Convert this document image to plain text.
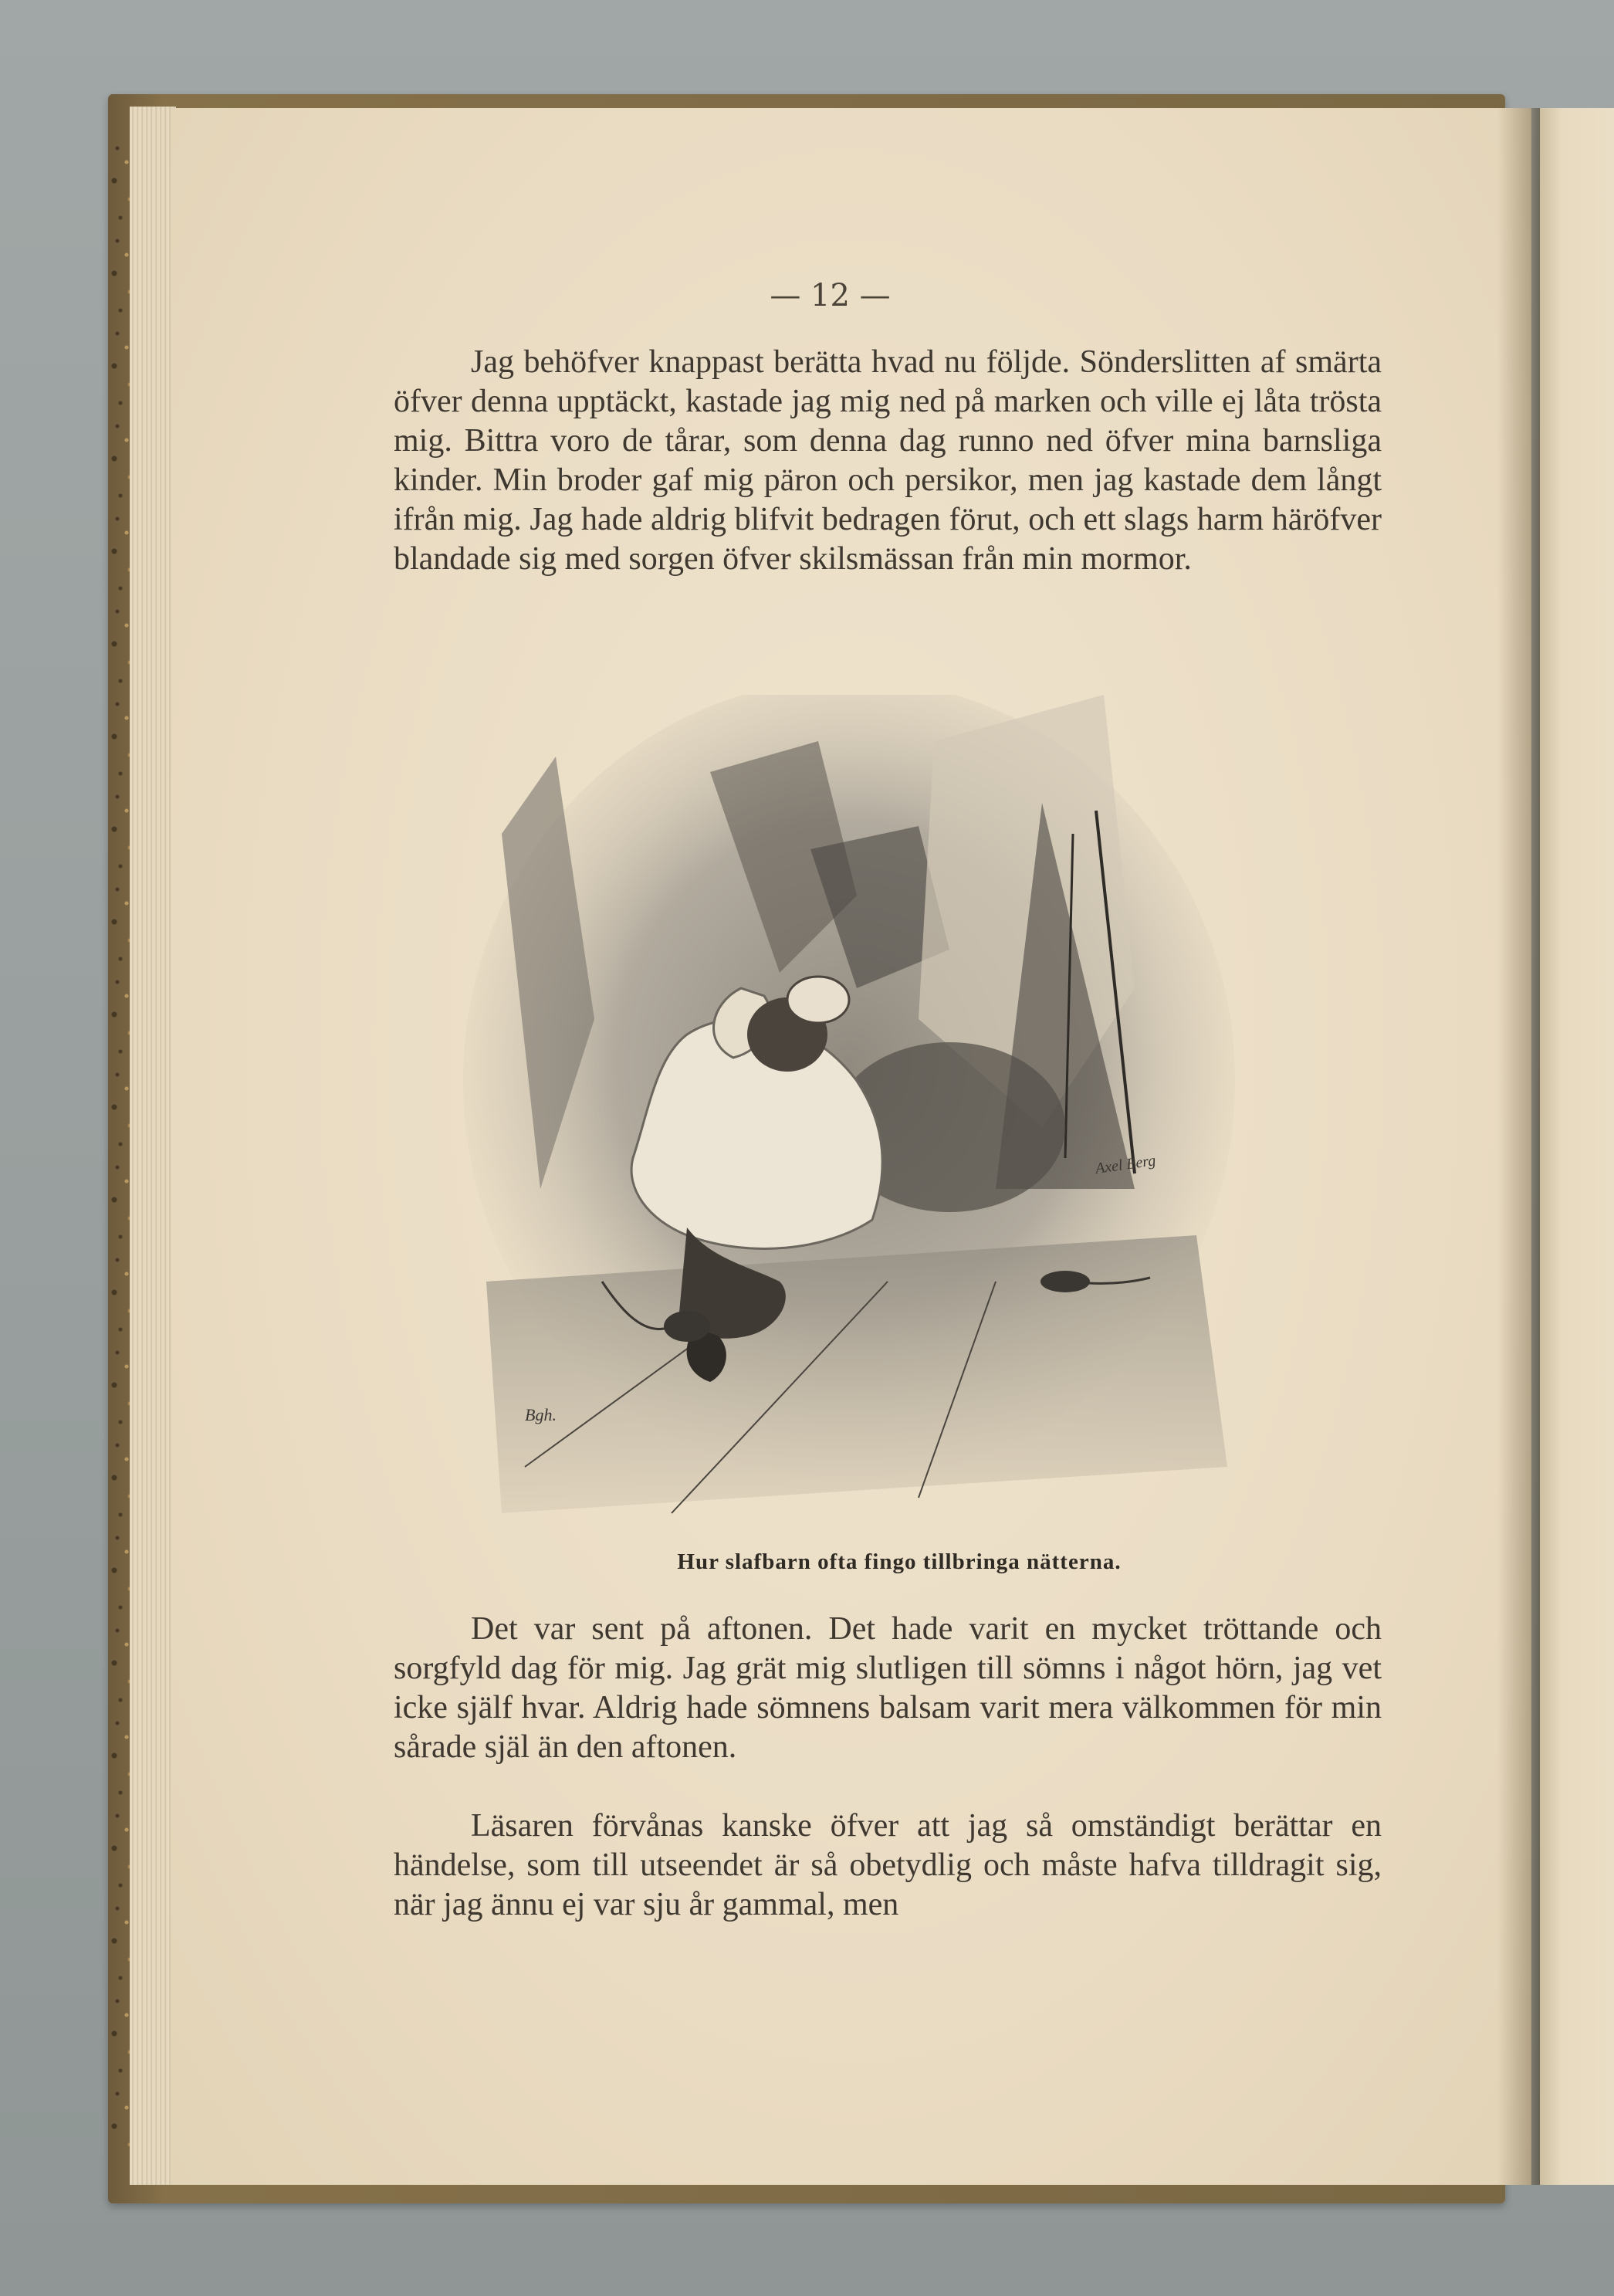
— 12 —

Jag behöfver knappast berätta hvad nu följde. Sönderslitten af smärta öfver denna upptäckt, kastade jag mig ned på marken och ville ej låta trösta mig. Bittra voro de tårar, som denna dag runno ned öfver mina barnsliga kinder. Min broder gaf mig päron och persikor, men jag kastade dem långt ifrån mig. Jag hade aldrig blifvit bedragen förut, och ett slags harm häröfver blandade sig med sorgen öfver skilsmässan från min mormor.

Bgh.
Axel Berg
Hur slafbarn ofta fingo tillbringa nätterna.

Det var sent på aftonen. Det hade varit en mycket tröttande och sorgfyld dag för mig. Jag grät mig slutligen till sömns i något hörn, jag vet icke själf hvar. Aldrig hade sömnens balsam varit mera välkommen för min sårade själ än den aftonen.

Läsaren förvånas kanske öfver att jag så omständigt berättar en händelse, som till utseendet är så obetydlig och måste hafva tilldragit sig, när jag ännu ej var sju år gammal, men
